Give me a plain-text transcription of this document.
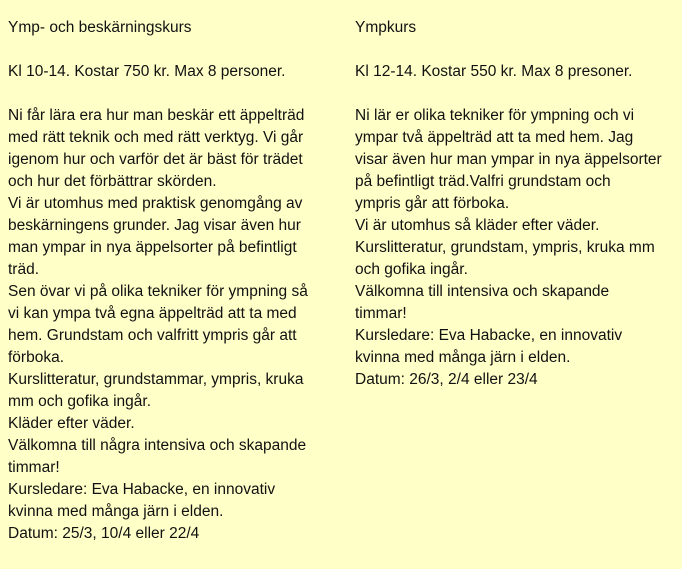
Ymp- och beskärningskurs
Kl 10-14. Kostar 750 kr. Max 8 personer.
Ni får lära era hur man beskär ett äppelträd
med rätt teknik och med rätt verktyg. Vi går
igenom hur och varför det är bäst för trädet
och hur det förbättrar skörden.
Vi är utomhus med praktisk genomgång av
beskärningens grunder. Jag visar även hur
man ympar in nya äppelsorter på befintligt
träd.
Sen övar vi på olika tekniker för ympning så
vi kan ympa två egna äppelträd att ta med
hem. Grundstam och valfritt ympris går att
förboka.
Kurslitteratur, grundstammar, ympris, kruka
mm och gofika ingår.
Kläder efter väder.
Välkomna till några intensiva och skapande
timmar!
Kursledare: Eva Habacke, en innovativ
kvinna med många järn i elden.
Datum: 25/3, 10/4 eller 22/4
Ympkurs
Kl 12-14. Kostar 550 kr. Max 8 presoner.
Ni lär er olika tekniker för ympning och vi
ympar två äppelträd att ta med hem. Jag
visar även hur man ympar in nya äppelsorter
på befintligt träd.Valfri grundstam och
ympris går att förboka.
Vi är utomhus så kläder efter väder.
Kurslitteratur, grundstam, ympris, kruka mm
och gofika ingår.
Välkomna till intensiva och skapande
timmar!
Kursledare: Eva Habacke, en innovativ
kvinna med många järn i elden.
Datum: 26/3, 2/4 eller 23/4
